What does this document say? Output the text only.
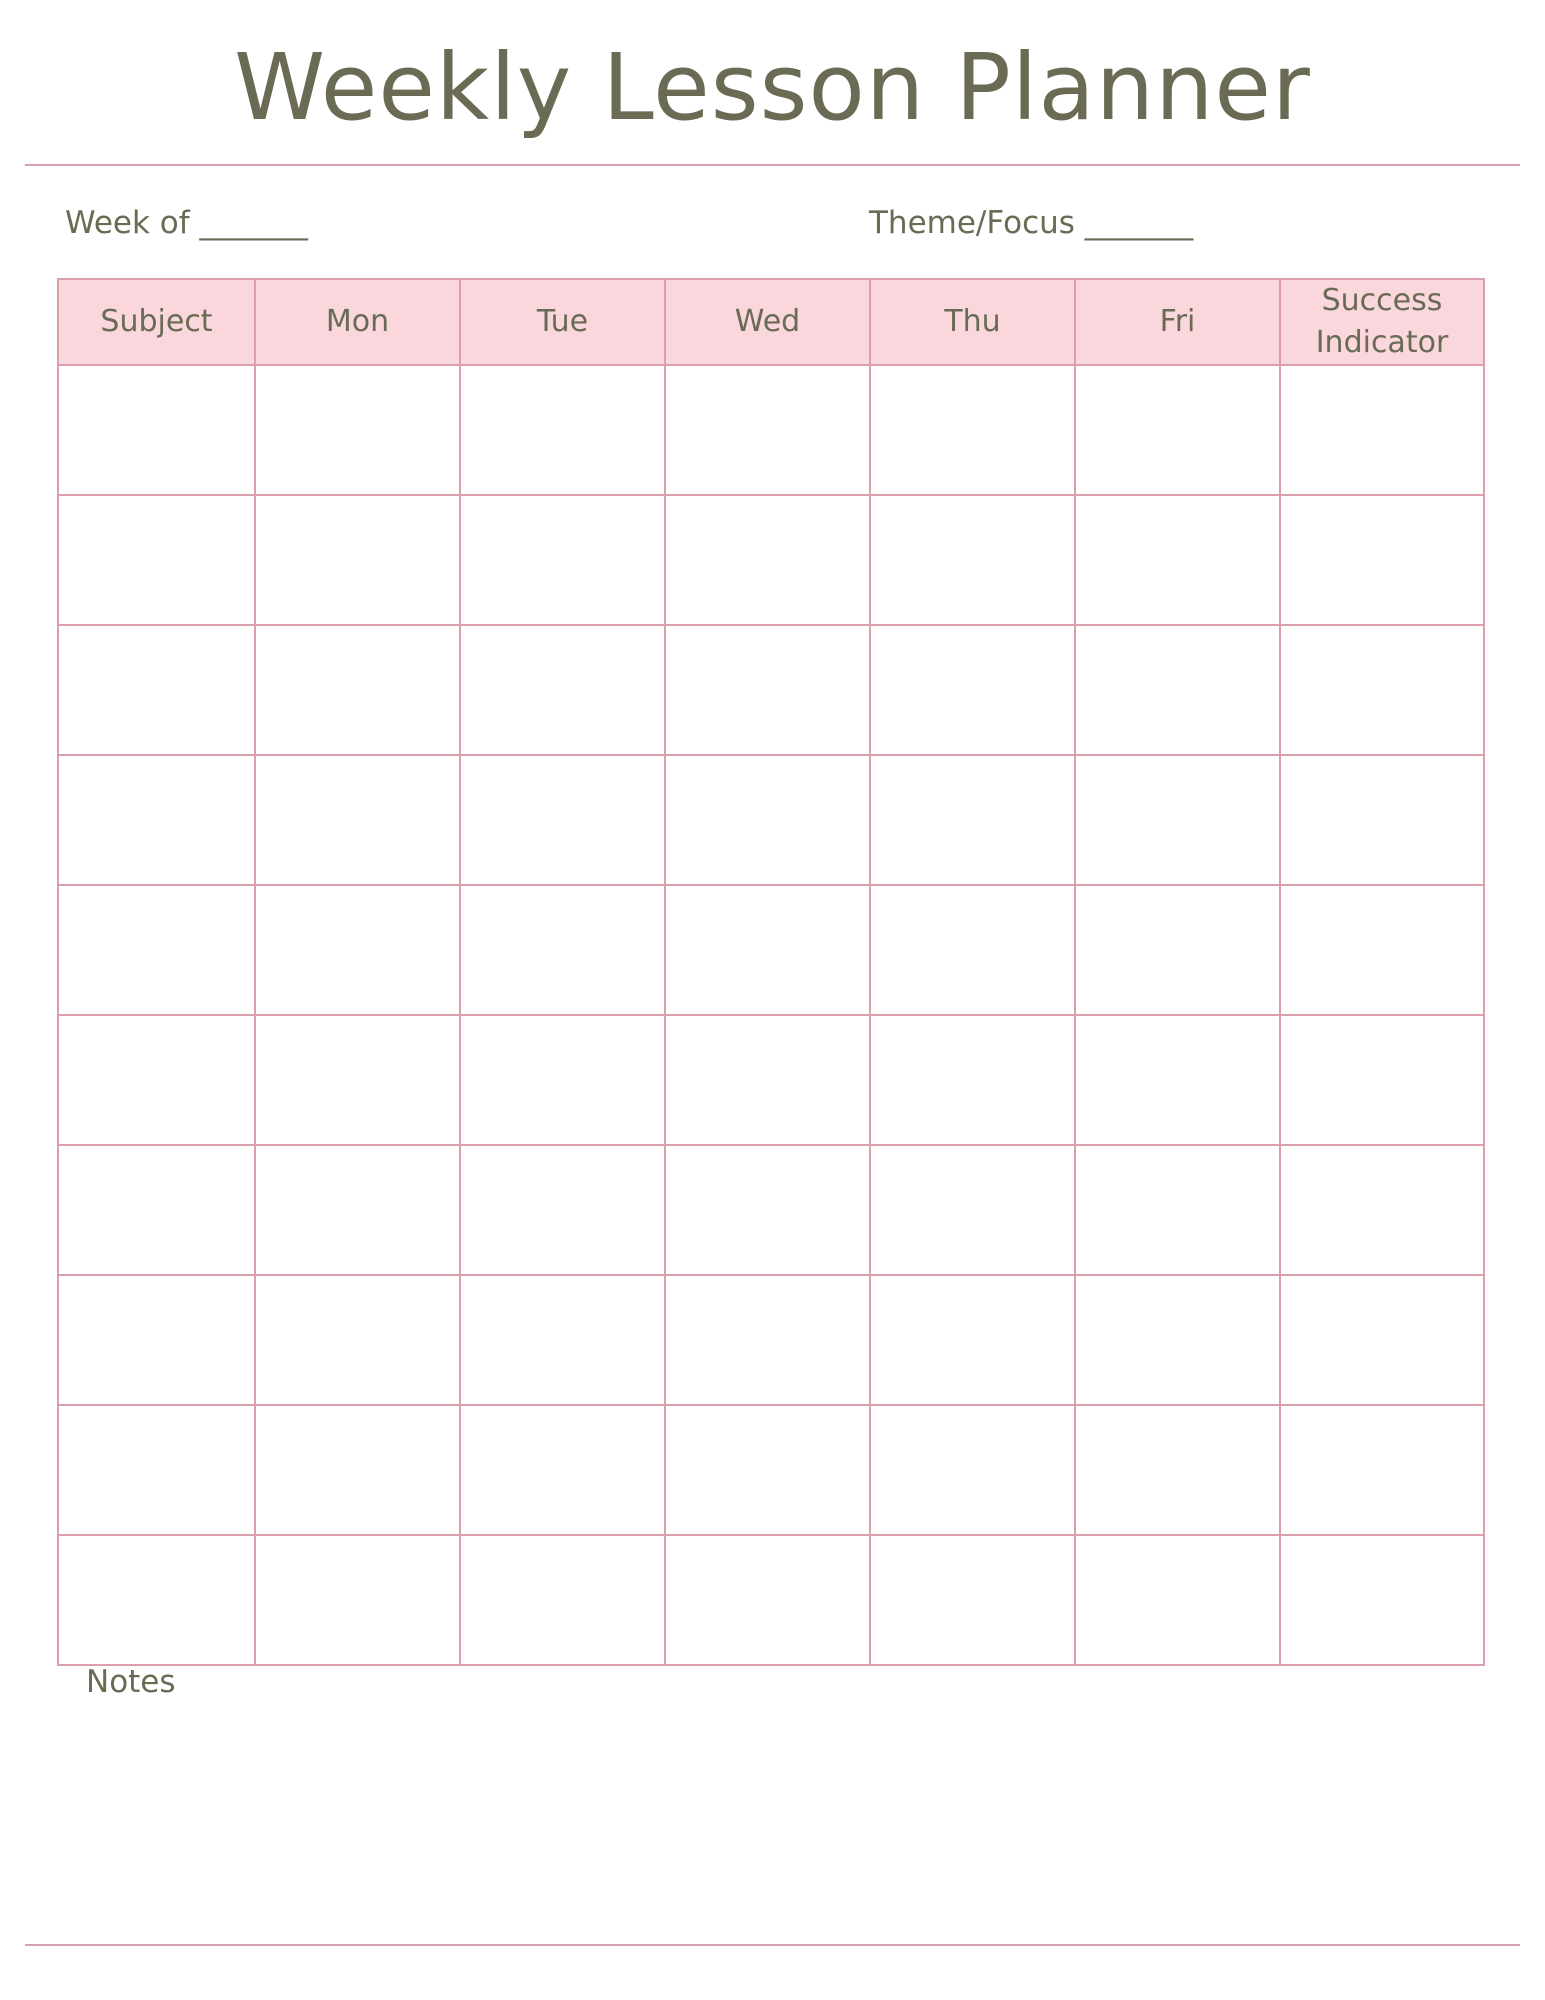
Weekly Lesson Planner
Week of _______	Theme/Focus _______
Subject	Mon	Tue	Wed	Thu	Fri	Success Indicator

Notes
